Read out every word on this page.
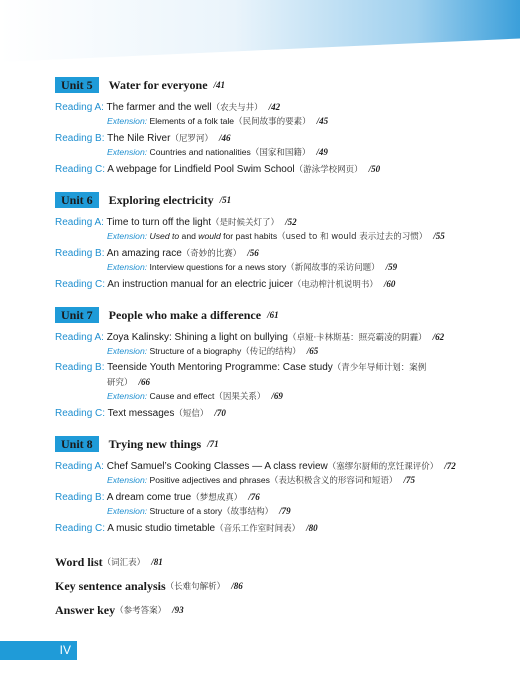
Unit 5	Water for everyone /41
Reading A: The farmer and the well（农夫与井） /42
Extension: Elements of a folk tale（民间故事的要素） /45
Reading B: The Nile River（尼罗河） /46
Extension: Countries and nationalities（国家和国籍） /49
Reading C: A webpage for Lindfield Pool Swim School（游泳学校网页） /50
Unit 6	Exploring electricity /51
Reading A: Time to turn off the light（是时候关灯了） /52
Extension: Used to and would for past habits（used to 和 would 表示过去的习惯） /55
Reading B: An amazing race（奇妙的比赛） /56
Extension: Interview questions for a news story（新闻故事的采访问题） /59
Reading C: An instruction manual for an electric juicer（电动榨汁机说明书） /60
Unit 7	People who make a difference /61
Reading A: Zoya Kalinsky: Shining a light on bullying（卓娅·卡林斯基：照亮霸凌的阴霾） /62
Extension: Structure of a biography（传记的结构） /65
Reading B: Teenside Youth Mentoring Programme: Case study（青少年导师计划：案例
研究） /66
Extension: Cause and effect（因果关系） /69
Reading C: Text messages（短信） /70
Unit 8	Trying new things /71
Reading A: Chef Samuel’s Cooking Classes — A class review（塞缪尔厨师的烹饪课评价） /72
Extension: Positive adjectives and phrases（表达积极含义的形容词和短语） /75
Reading B: A dream come true（梦想成真） /76
Extension: Structure of a story（故事结构） /79
Reading C: A music studio timetable（音乐工作室时间表） /80
Word list （词汇表） /81
Key sentence analysis （长难句解析） /86
Answer key （参考答案） /93
IV
